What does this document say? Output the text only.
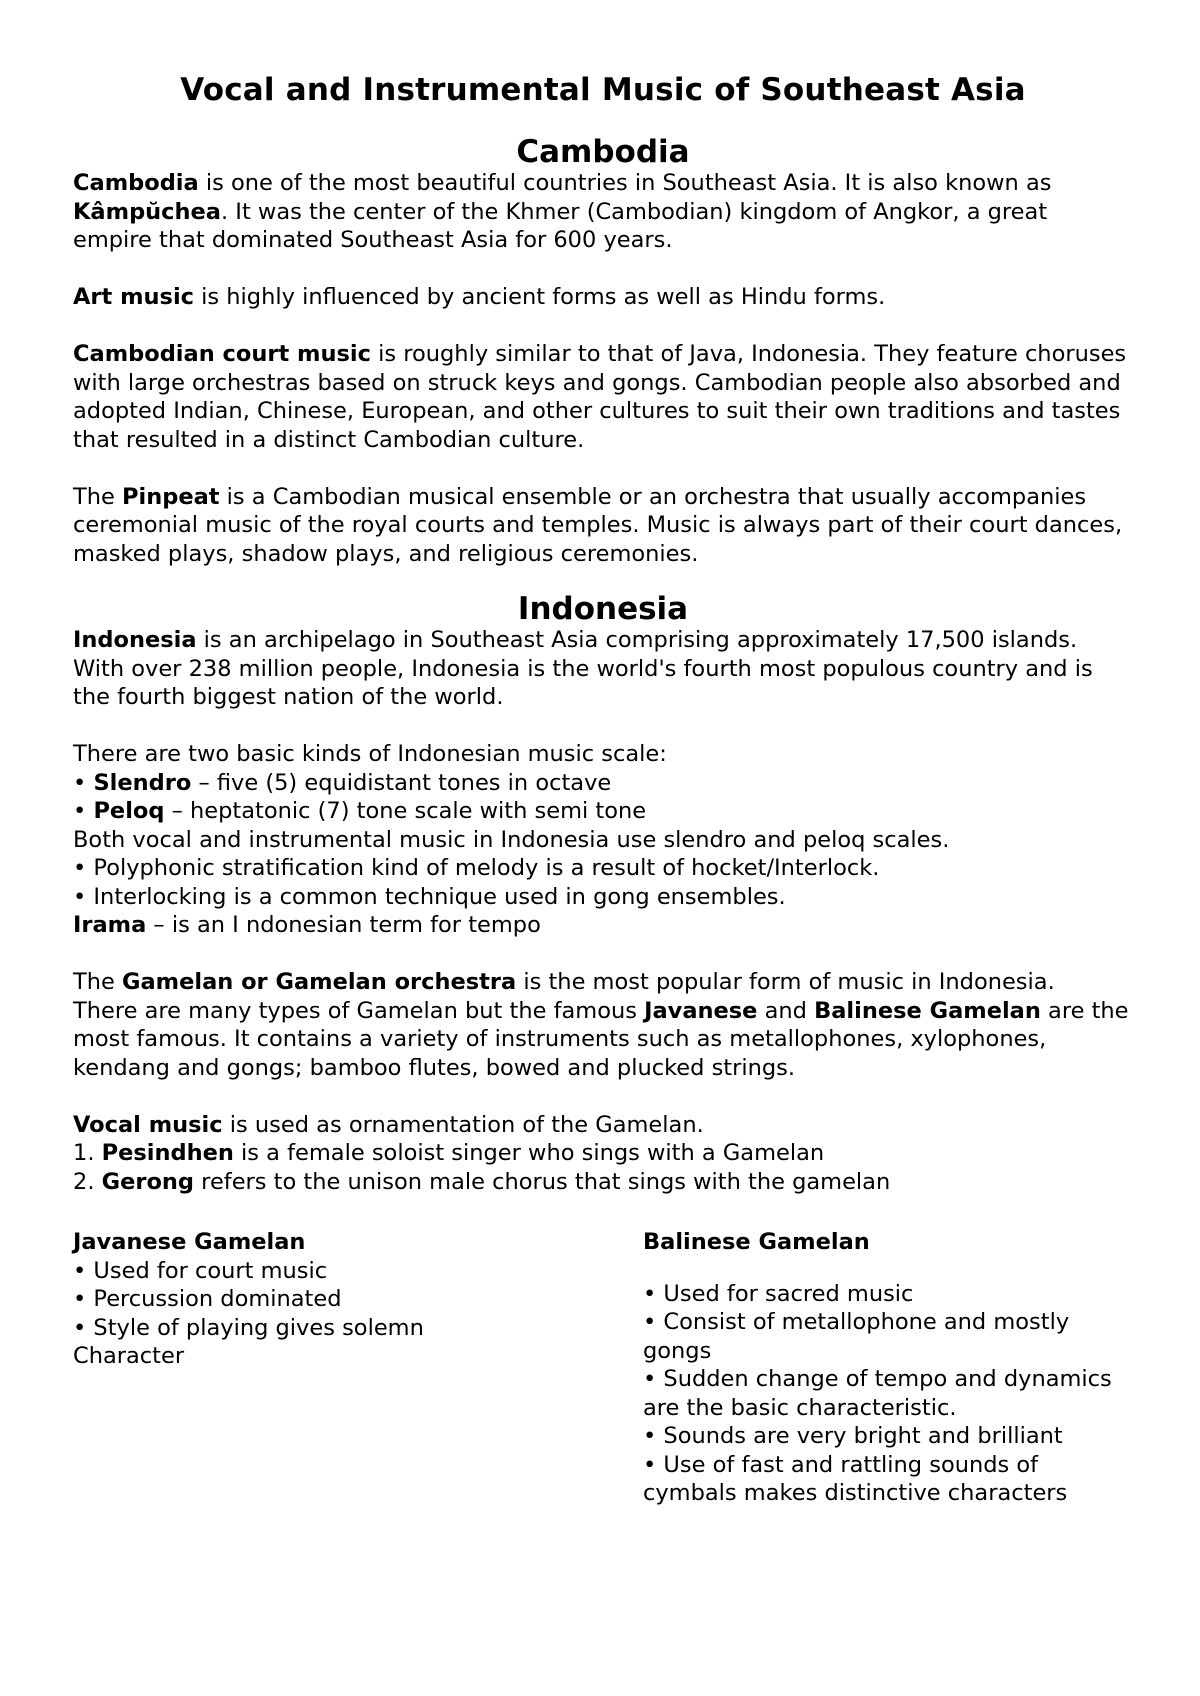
Vocal and Instrumental Music of Southeast Asia
Cambodia

Cambodia is one of the most beautiful countries in Southeast Asia. It is also known as Kâmpŭchea. It was the center of the Khmer (Cambodian) kingdom of Angkor, a great empire that dominated Southeast Asia for 600 years.

Art music is highly influenced by ancient forms as well as Hindu forms.

Cambodian court music is roughly similar to that of Java, Indonesia. They feature choruses with large orchestras based on struck keys and gongs. Cambodian people also absorbed and adopted Indian, Chinese, European, and other cultures to suit their own traditions and tastes that resulted in a distinct Cambodian culture.

The Pinpeat is a Cambodian musical ensemble or an orchestra that usually accompanies ceremonial music of the royal courts and temples. Music is always part of their court dances, masked plays, shadow plays, and religious ceremonies.

Indonesia

Indonesia is an archipelago in Southeast Asia comprising approximately 17,500 islands. With over 238 million people, Indonesia is the world's fourth most populous country and is the fourth biggest nation of the world.

There are two basic kinds of Indonesian music scale:

• Slendro – five (5) equidistant tones in octave

• Peloq – heptatonic (7) tone scale with semi tone

Both vocal and instrumental music in Indonesia use slendro and peloq scales.

• Polyphonic stratification kind of melody is a result of hocket/Interlock.

• Interlocking is a common technique used in gong ensembles.

Irama – is an I ndonesian term for tempo

The Gamelan or Gamelan orchestra is the most popular form of music in Indonesia.

There are many types of Gamelan but the famous Javanese and Balinese Gamelan are the most famous. It contains a variety of instruments such as metallophones, xylophones, kendang and gongs; bamboo flutes, bowed and plucked strings.

Vocal music is used as ornamentation of the Gamelan.

1. Pesindhen is a female soloist singer who sings with a Gamelan

2. Gerong refers to the unison male chorus that sings with the gamelan

Javanese Gamelan

• Used for court music

• Percussion dominated

• Style of playing gives solemn

Character

Balinese Gamelan

• Used for sacred music

• Consist of metallophone and mostly gongs

• Sudden change of tempo and dynamics are the basic characteristic.

• Sounds are very bright and brilliant

• Use of fast and rattling sounds of cymbals makes distinctive characters
